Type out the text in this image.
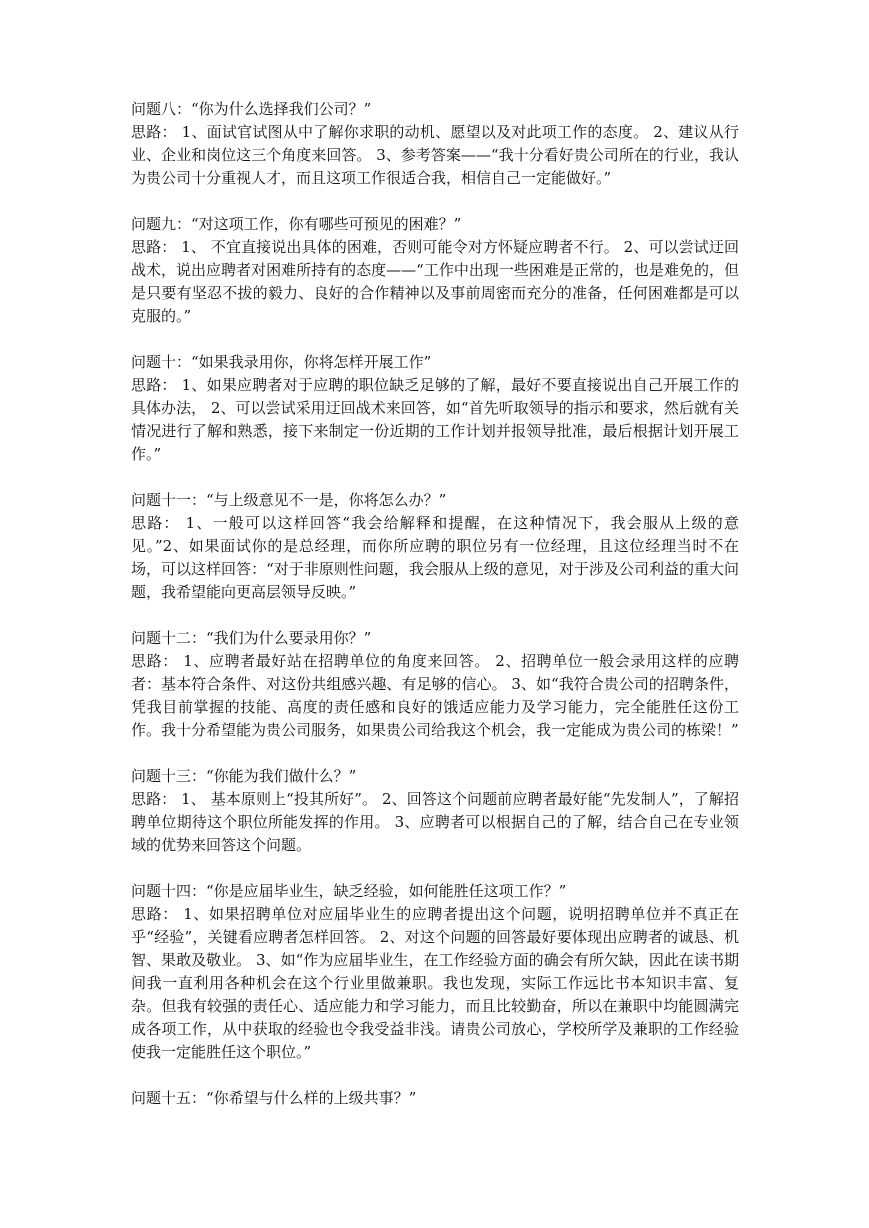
问题八：“你为什么选择我们公司？”

思路： 1、面试官试图从中了解你求职的动机、愿望以及对此项工作的态度。 2、建议从行业、企业和岗位这三个角度来回答。 3、参考答案——“我十分看好贵公司所在的行业，我认为贵公司十分重视人才，而且这项工作很适合我，相信自己一定能做好。”

问题九：“对这项工作，你有哪些可预见的困难？”

思路： 1、 不宜直接说出具体的困难，否则可能令对方怀疑应聘者不行。 2、可以尝试迂回战术，说出应聘者对困难所持有的态度——“工作中出现一些困难是正常的，也是难免的，但是只要有坚忍不拔的毅力、良好的合作精神以及事前周密而充分的准备，任何困难都是可以克服的。”

问题十：“如果我录用你，你将怎样开展工作”

思路： 1、如果应聘者对于应聘的职位缺乏足够的了解，最好不要直接说出自己开展工作的具体办法， 2、可以尝试采用迂回战术来回答，如“首先听取领导的指示和要求，然后就有关情况进行了解和熟悉，接下来制定一份近期的工作计划并报领导批准，最后根据计划开展工作。”

问题十一：“与上级意见不一是，你将怎么办？”

思路： 1、一般可以这样回答“我会给解释和提醒，在这种情况下，我会服从上级的意见。”2、如果面试你的是总经理，而你所应聘的职位另有一位经理，且这位经理当时不在场，可以这样回答：“对于非原则性问题，我会服从上级的意见，对于涉及公司利益的重大问题，我希望能向更高层领导反映。”

问题十二：“我们为什么要录用你？”

思路： 1、应聘者最好站在招聘单位的角度来回答。 2、招聘单位一般会录用这样的应聘者：基本符合条件、对这份共组感兴趣、有足够的信心。 3、如“我符合贵公司的招聘条件，凭我目前掌握的技能、高度的责任感和良好的饿适应能力及学习能力，完全能胜任这份工作。我十分希望能为贵公司服务，如果贵公司给我这个机会，我一定能成为贵公司的栋梁！”

问题十三：“你能为我们做什么？”

思路： 1、 基本原则上“投其所好”。 2、回答这个问题前应聘者最好能“先发制人”，了解招聘单位期待这个职位所能发挥的作用。 3、应聘者可以根据自己的了解，结合自己在专业领域的优势来回答这个问题。

问题十四：“你是应届毕业生，缺乏经验，如何能胜任这项工作？”

思路： 1、如果招聘单位对应届毕业生的应聘者提出这个问题，说明招聘单位并不真正在乎“经验”，关键看应聘者怎样回答。 2、对这个问题的回答最好要体现出应聘者的诚恳、机智、果敢及敬业。 3、如“作为应届毕业生，在工作经验方面的确会有所欠缺，因此在读书期间我一直利用各种机会在这个行业里做兼职。我也发现，实际工作远比书本知识丰富、复杂。但我有较强的责任心、适应能力和学习能力，而且比较勤奋，所以在兼职中均能圆满完成各项工作，从中获取的经验也令我受益非浅。请贵公司放心，学校所学及兼职的工作经验使我一定能胜任这个职位。”

问题十五：“你希望与什么样的上级共事？”
